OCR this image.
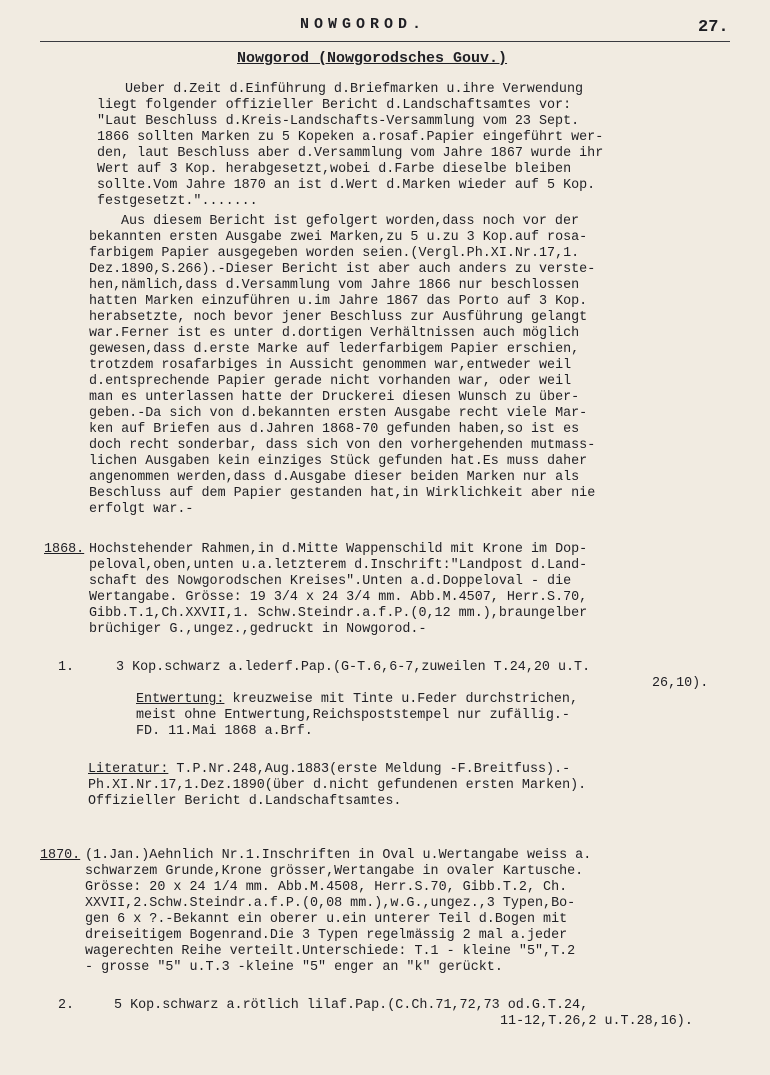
NOWGOROD.	27.
Nowgorod (Nowgorodsches Gouv.)
Ueber d.Zeit d.Einführung d.Briefmarken u.ihre Verwendung
liegt folgender offizieller Bericht d.Landschaftsamtes vor:
"Laut Beschluss d.Kreis-Landschafts-Versammlung vom 23 Sept.
1866 sollten Marken zu 5 Kopeken a.rosaf.Papier eingeführt wer-
den, laut Beschluss aber d.Versammlung vom Jahre 1867 wurde ihr
Wert auf 3 Kop. herabgesetzt,wobei d.Farbe dieselbe bleiben
sollte.Vom Jahre 1870 an ist d.Wert d.Marken wieder auf 5 Kop.
festgesetzt.".......
Aus diesem Bericht ist gefolgert worden,dass noch vor der
bekannten ersten Ausgabe zwei Marken,zu 5 u.zu 3 Kop.auf rosa-
farbigem Papier ausgegeben worden seien.(Vergl.Ph.XI.Nr.17,1.
Dez.1890,S.266).-Dieser Bericht ist aber auch anders zu verste-
hen,nämlich,dass d.Versammlung vom Jahre 1866 nur beschlossen
hatten Marken einzuführen u.im Jahre 1867 das Porto auf 3 Kop.
herabsetzte, noch bevor jener Beschluss zur Ausführung gelangt
war.Ferner ist es unter d.dortigen Verhältnissen auch möglich
gewesen,dass d.erste Marke auf lederfarbigem Papier erschien,
trotzdem rosafarbiges in Aussicht genommen war,entweder weil
d.entsprechende Papier gerade nicht vorhanden war, oder weil
man es unterlassen hatte der Druckerei diesen Wunsch zu über-
geben.-Da sich von d.bekannten ersten Ausgabe recht viele Mar-
ken auf Briefen aus d.Jahren 1868-70 gefunden haben,so ist es
doch recht sonderbar, dass sich von den vorhergehenden mutmass-
lichen Ausgaben kein einziges Stück gefunden hat.Es muss daher
angenommen werden,dass d.Ausgabe dieser beiden Marken nur als
Beschluss auf dem Papier gestanden hat,in Wirklichkeit aber nie
erfolgt war.-
1868. Hochstehender Rahmen,in d.Mitte Wappenschild mit Krone im Dop-
peloval,oben,unten u.a.letzterem d.Inschrift:"Landpost d.Land-
schaft des Nowgorodschen Kreises".Unten a.d.Doppeloval - die
Wertangabe. Grösse: 19 3/4 x 24 3/4 mm. Abb.M.4507, Herr.S.70,
Gibb.T.1,Ch.XXVII,1. Schw.Steindr.a.f.P.(0,12 mm.),braungelber
brüchiger G.,ungez.,gedruckt in Nowgorod.-
1.	3 Kop.schwarz a.lederf.Pap.(G-T.6,6-7,zuweilen T.24,20 u.T.
26,10).
Entwertung: kreuzweise mit Tinte u.Feder durchstrichen,
meist ohne Entwertung,Reichspoststempel nur zufällig.-
FD. 11.Mai 1868 a.Brf.
Literatur: T.P.Nr.248,Aug.1883(erste Meldung -F.Breitfuss).-
Ph.XI.Nr.17,1.Dez.1890(über d.nicht gefundenen ersten Marken).
Offizieller Bericht d.Landschaftsamtes.
1870. (1.Jan.)Aehnlich Nr.1.Inschriften in Oval u.Wertangabe weiss a.
schwarzem Grunde,Krone grösser,Wertangabe in ovaler Kartusche.
Grösse: 20 x 24 1/4 mm. Abb.M.4508, Herr.S.70, Gibb.T.2, Ch.
XXVII,2.Schw.Steindr.a.f.P.(0,08 mm.),w.G.,ungez.,3 Typen,Bo-
gen 6 x ?.-Bekannt ein oberer u.ein unterer Teil d.Bogen mit
dreiseitigem Bogenrand.Die 3 Typen regelmässig 2 mal a.jeder
wagerechten Reihe verteilt.Unterschiede: T.1 - kleine "5",T.2
- grosse "5" u.T.3 -kleine "5" enger an "k" gerückt.
2.	5 Kop.schwarz a.rötlich lilaf.Pap.(C.Ch.71,72,73 od.G.T.24,
11-12,T.26,2 u.T.28,16).
